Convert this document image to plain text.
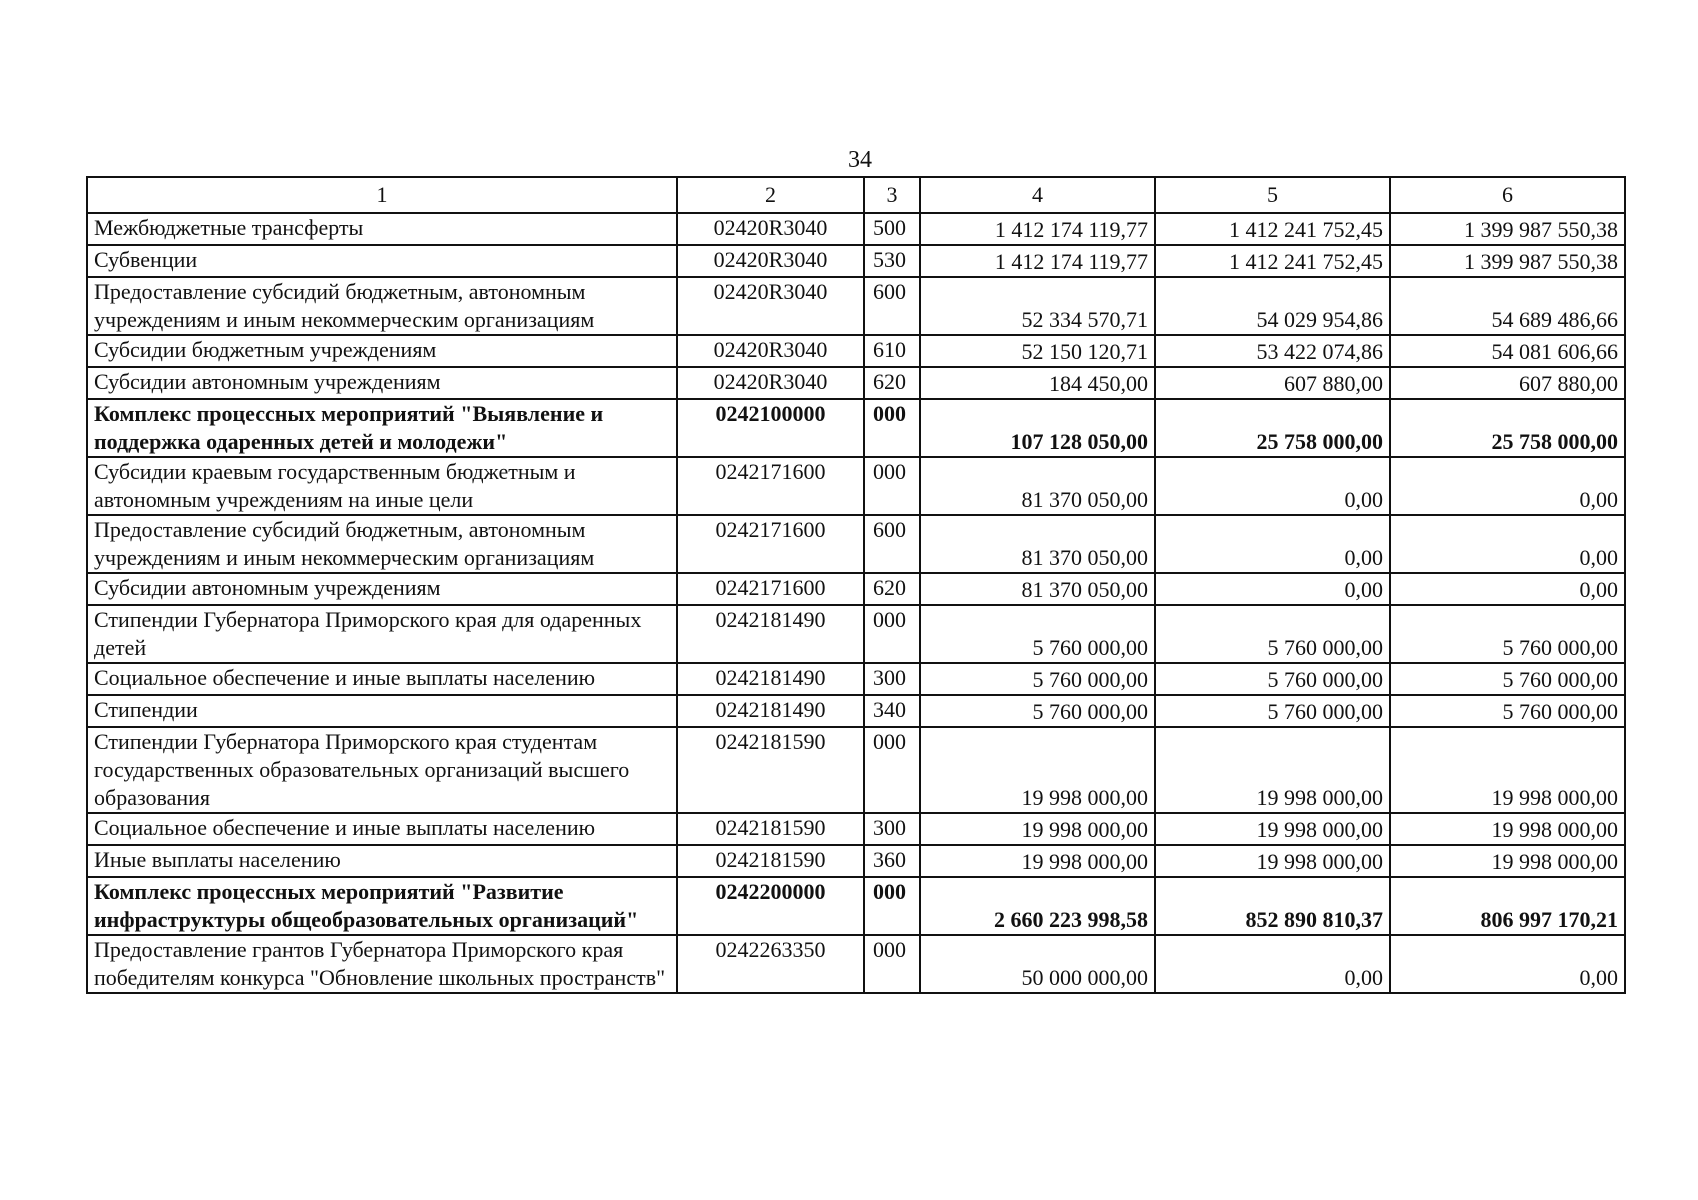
34
1	2	3	4	5	6
Межбюджетные трансферты	02420R3040	500	1 412 174 119,77	1 412 241 752,45	1 399 987 550,38
Субвенции	02420R3040	530	1 412 174 119,77	1 412 241 752,45	1 399 987 550,38
Предоставление субсидий бюджетным, автономным учреждениям и иным некоммерческим организациям	02420R3040	600	52 334 570,71	54 029 954,86	54 689 486,66
Субсидии бюджетным учреждениям	02420R3040	610	52 150 120,71	53 422 074,86	54 081 606,66
Субсидии автономным учреждениям	02420R3040	620	184 450,00	607 880,00	607 880,00
Комплекс процессных мероприятий "Выявление и поддержка одаренных детей и молодежи"	0242100000	000	107 128 050,00	25 758 000,00	25 758 000,00
Субсидии краевым государственным бюджетным и автономным учреждениям на иные цели	0242171600	000	81 370 050,00	0,00	0,00
Предоставление субсидий бюджетным, автономным учреждениям и иным некоммерческим организациям	0242171600	600	81 370 050,00	0,00	0,00
Субсидии автономным учреждениям	0242171600	620	81 370 050,00	0,00	0,00
Стипендии Губернатора Приморского края для одаренных детей	0242181490	000	5 760 000,00	5 760 000,00	5 760 000,00
Социальное обеспечение и иные выплаты населению	0242181490	300	5 760 000,00	5 760 000,00	5 760 000,00
Стипендии	0242181490	340	5 760 000,00	5 760 000,00	5 760 000,00
Стипендии Губернатора Приморского края студентам государственных образовательных организаций высшего образования	0242181590	000	19 998 000,00	19 998 000,00	19 998 000,00
Социальное обеспечение и иные выплаты населению	0242181590	300	19 998 000,00	19 998 000,00	19 998 000,00
Иные выплаты населению	0242181590	360	19 998 000,00	19 998 000,00	19 998 000,00
Комплекс процессных мероприятий "Развитие инфраструктуры общеобразовательных организаций"	0242200000	000	2 660 223 998,58	852 890 810,37	806 997 170,21
Предоставление грантов Губернатора Приморского края победителям конкурса "Обновление школьных пространств"	0242263350	000	50 000 000,00	0,00	0,00
